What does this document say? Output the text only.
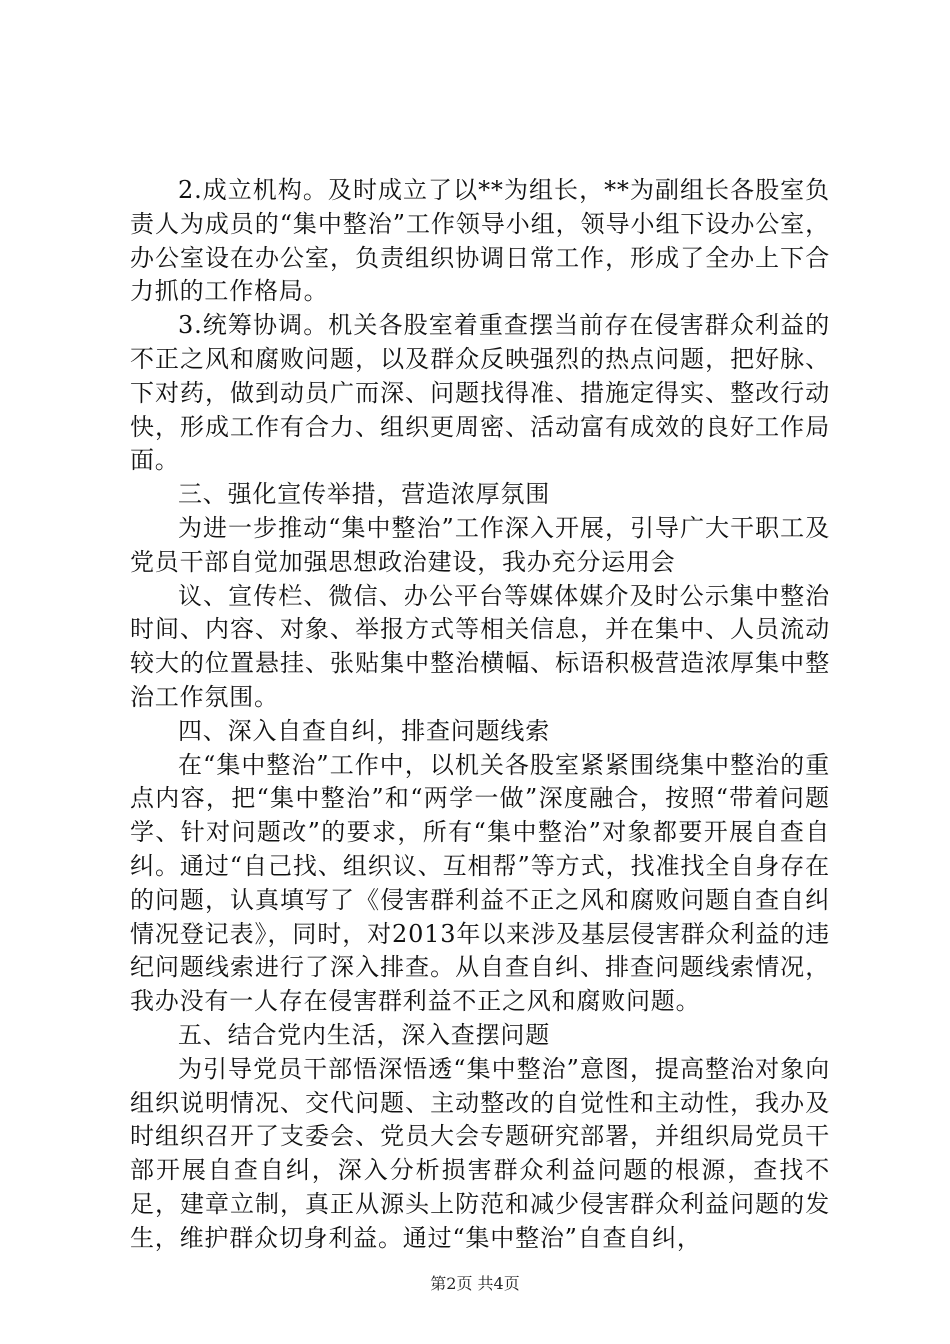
2.成立机构。及时成立了以**为组长，**为副组长各股室负责人为成员的“集中整治”工作领导小组，领导小组下设办公室，办公室设在办公室，负责组织协调日常工作，形成了全办上下合力抓的工作格局。

3.统筹协调。机关各股室着重查摆当前存在侵害群众利益的不正之风和腐败问题，以及群众反映强烈的热点问题，把好脉、下对药，做到动员广而深、问题找得准、措施定得实、整改行动快，形成工作有合力、组织更周密、活动富有成效的良好工作局面。

三、强化宣传举措，营造浓厚氛围

为进一步推动“集中整治”工作深入开展，引导广大干职工及党员干部自觉加强思想政治建设，我办充分运用会

议、宣传栏、微信、办公平台等媒体媒介及时公示集中整治时间、内容、对象、举报方式等相关信息，并在集中、人员流动较大的位置悬挂、张贴集中整治横幅、标语积极营造浓厚集中整治工作氛围。

四、深入自查自纠，排查问题线索

在“集中整治”工作中，以机关各股室紧紧围绕集中整治的重点内容，把“集中整治”和“两学一做”深度融合，按照“带着问题学、针对问题改”的要求，所有“集中整治”对象都要开展自查自纠。通过“自己找、组织议、互相帮”等方式，找准找全自身存在的问题，认真填写了《侵害群利益不正之风和腐败问题自查自纠情况登记表》，同时，对2013年以来涉及基层侵害群众利益的违纪问题线索进行了深入排查。从自查自纠、排查问题线索情况，我办没有一人存在侵害群利益不正之风和腐败问题。

五、结合党内生活，深入查摆问题

为引导党员干部悟深悟透“集中整治”意图，提高整治对象向组织说明情况、交代问题、主动整改的自觉性和主动性，我办及时组织召开了支委会、党员大会专题研究部署，并组织局党员干部开展自查自纠，深入分析损害群众利益问题的根源，查找不足，建章立制，真正从源头上防范和减少侵害群众利益问题的发生，维护群众切身利益。通过“集中整治”自查自纠，

第2页 共4页
